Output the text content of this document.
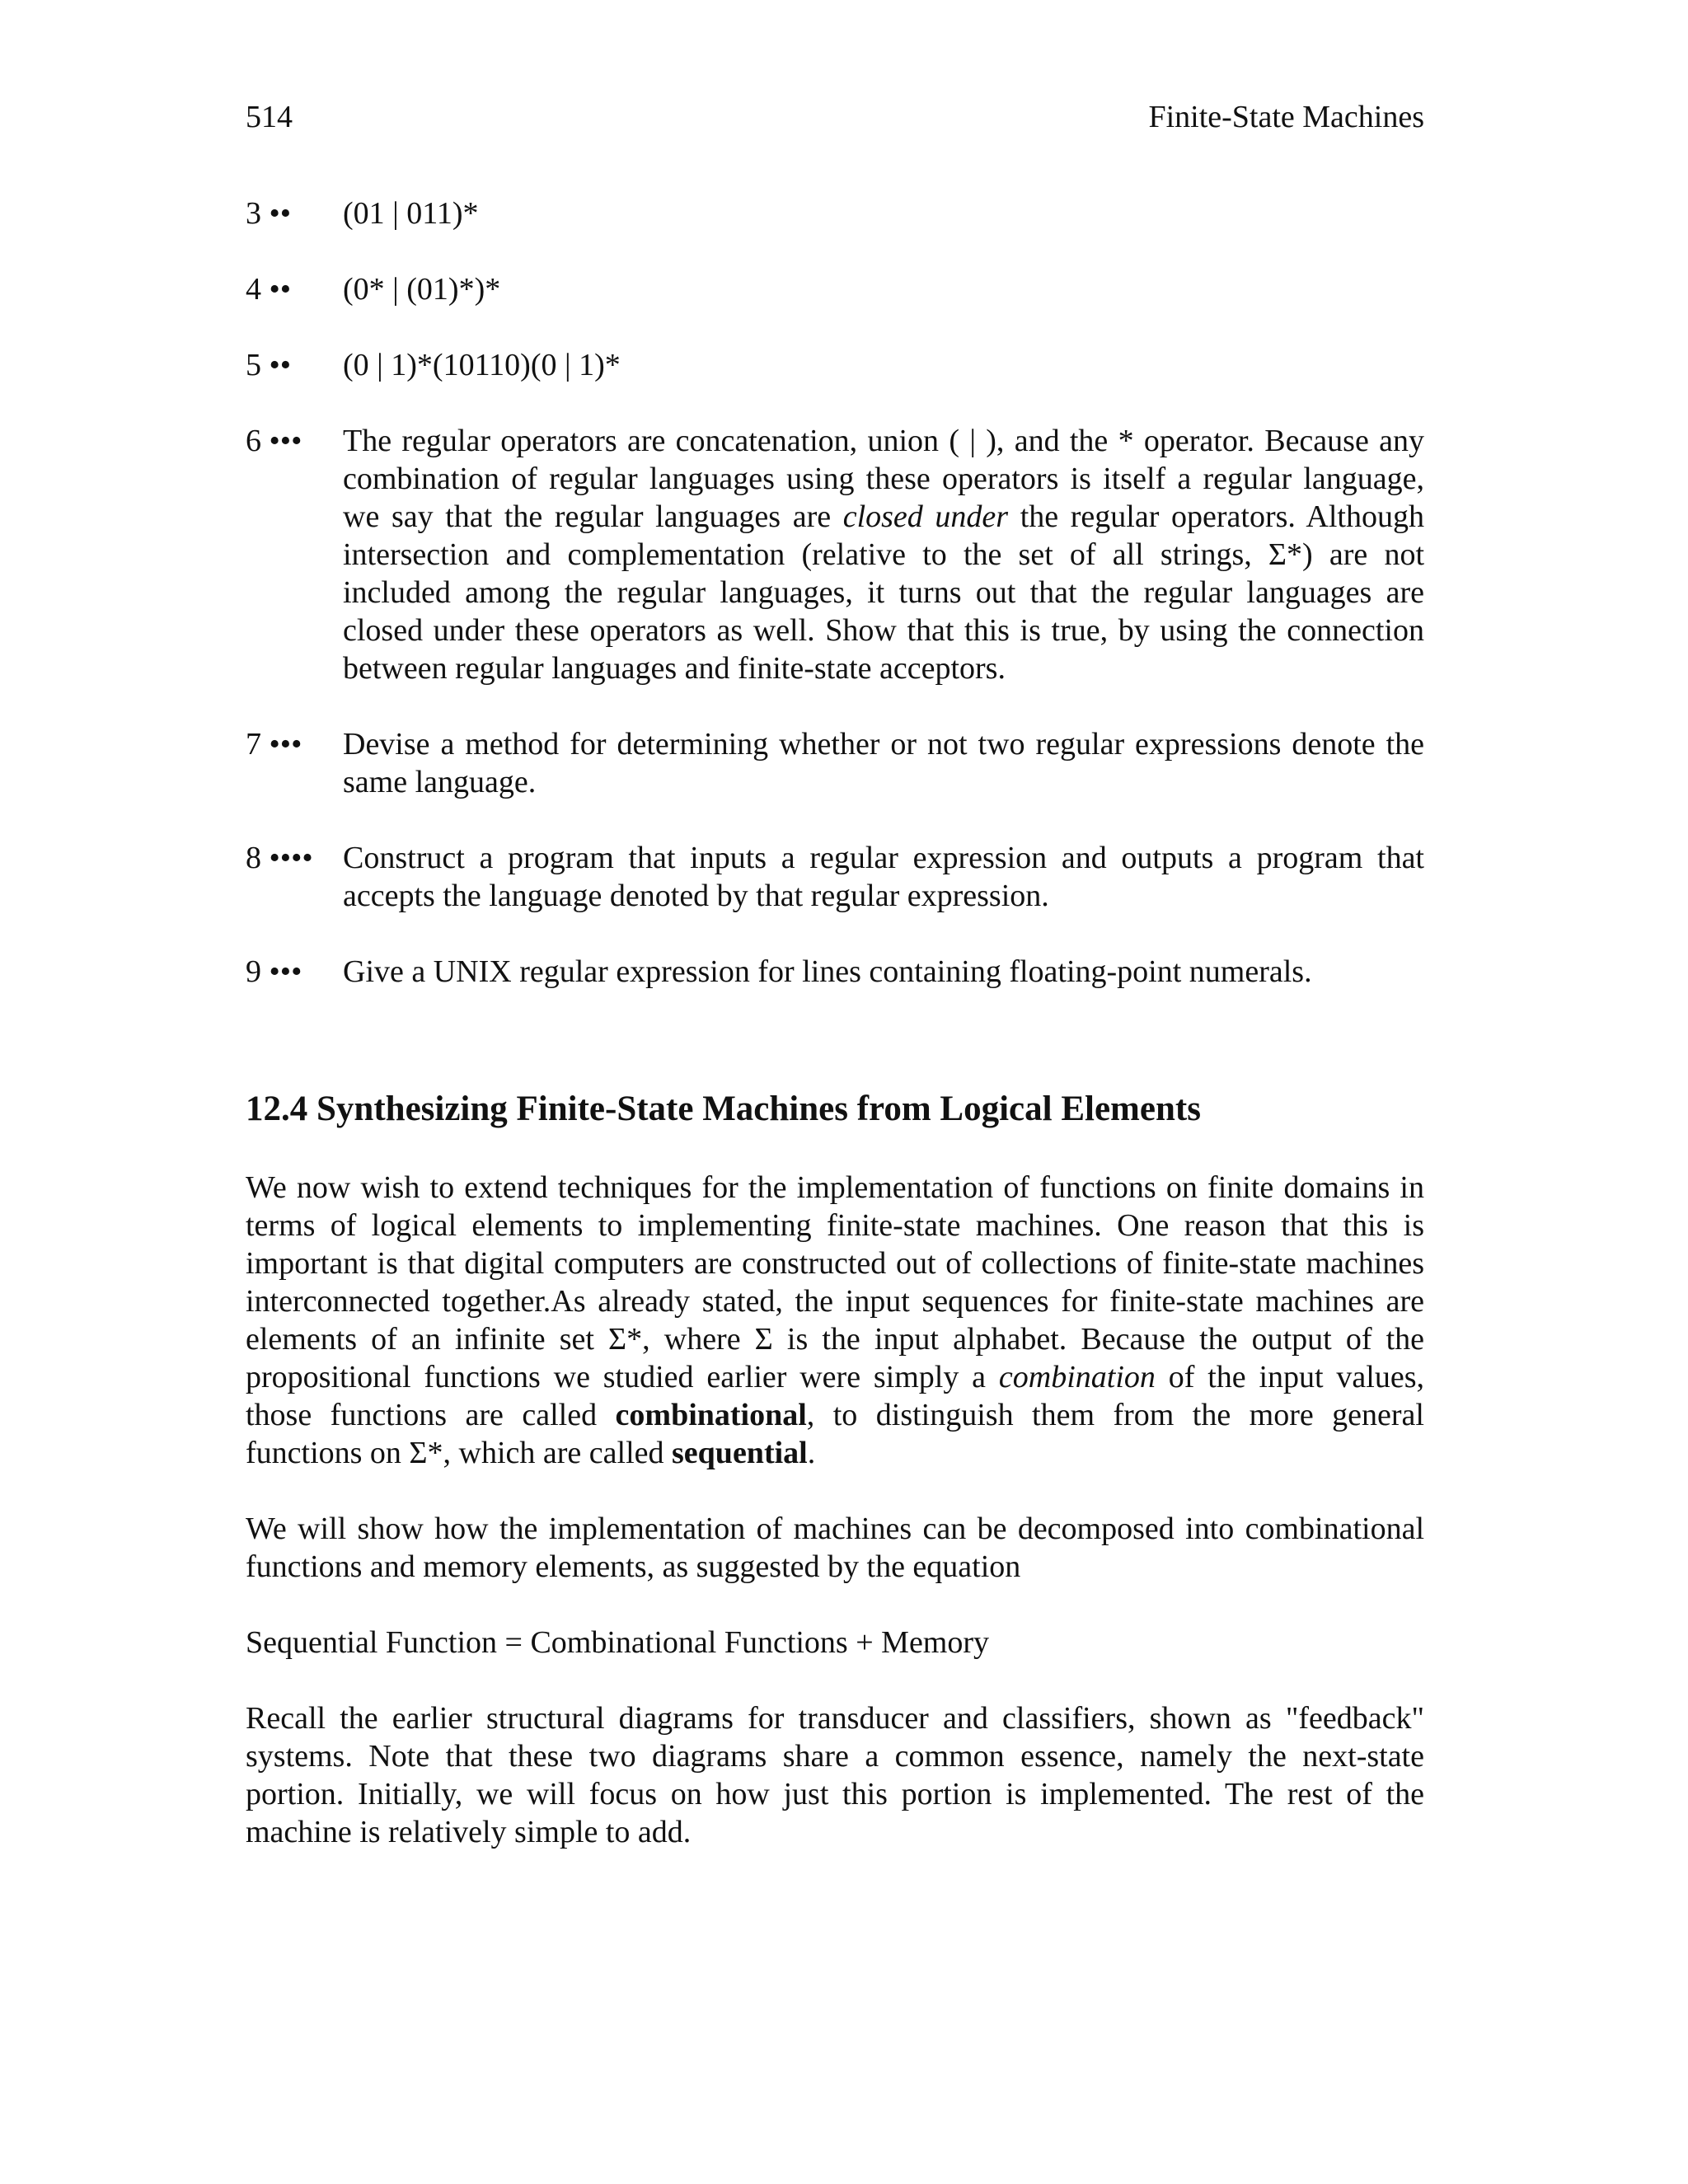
514	Finite-State Machines
3 •• (01 | 011)*
4 •• (0* | (01)*)*
5 •• (0 | 1)*(10110)(0 | 1)*
6 ••• The regular operators are concatenation, union ( | ), and the * operator. Because any combination of regular languages using these operators is itself a regular language, we say that the regular languages are closed under the regular operators. Although intersection and complementation (relative to the set of all strings, Σ*) are not included among the regular languages, it turns out that the regular languages are closed under these operators as well. Show that this is true, by using the connection between regular languages and finite-state acceptors.
7 ••• Devise a method for determining whether or not two regular expressions denote the same language.
8 •••• Construct a program that inputs a regular expression and outputs a program that accepts the language denoted by that regular expression.
9 ••• Give a UNIX regular expression for lines containing floating-point numerals.
12.4 Synthesizing Finite-State Machines from Logical Elements

We now wish to extend techniques for the implementation of functions on finite domains in terms of logical elements to implementing finite-state machines. One reason that this is important is that digital computers are constructed out of collections of finite-state machines interconnected together.As already stated, the input sequences for finite-state machines are elements of an infinite set Σ*, where Σ is the input alphabet. Because the output of the propositional functions we studied earlier were simply a combination of the input values, those functions are called combinational, to distinguish them from the more general functions on Σ*, which are called sequential.

We will show how the implementation of machines can be decomposed into combinational functions and memory elements, as suggested by the equation

Sequential Function = Combinational Functions + Memory

Recall the earlier structural diagrams for transducer and classifiers, shown as "feedback" systems. Note that these two diagrams share a common essence, namely the next-state portion. Initially, we will focus on how just this portion is implemented. The rest of the machine is relatively simple to add.
